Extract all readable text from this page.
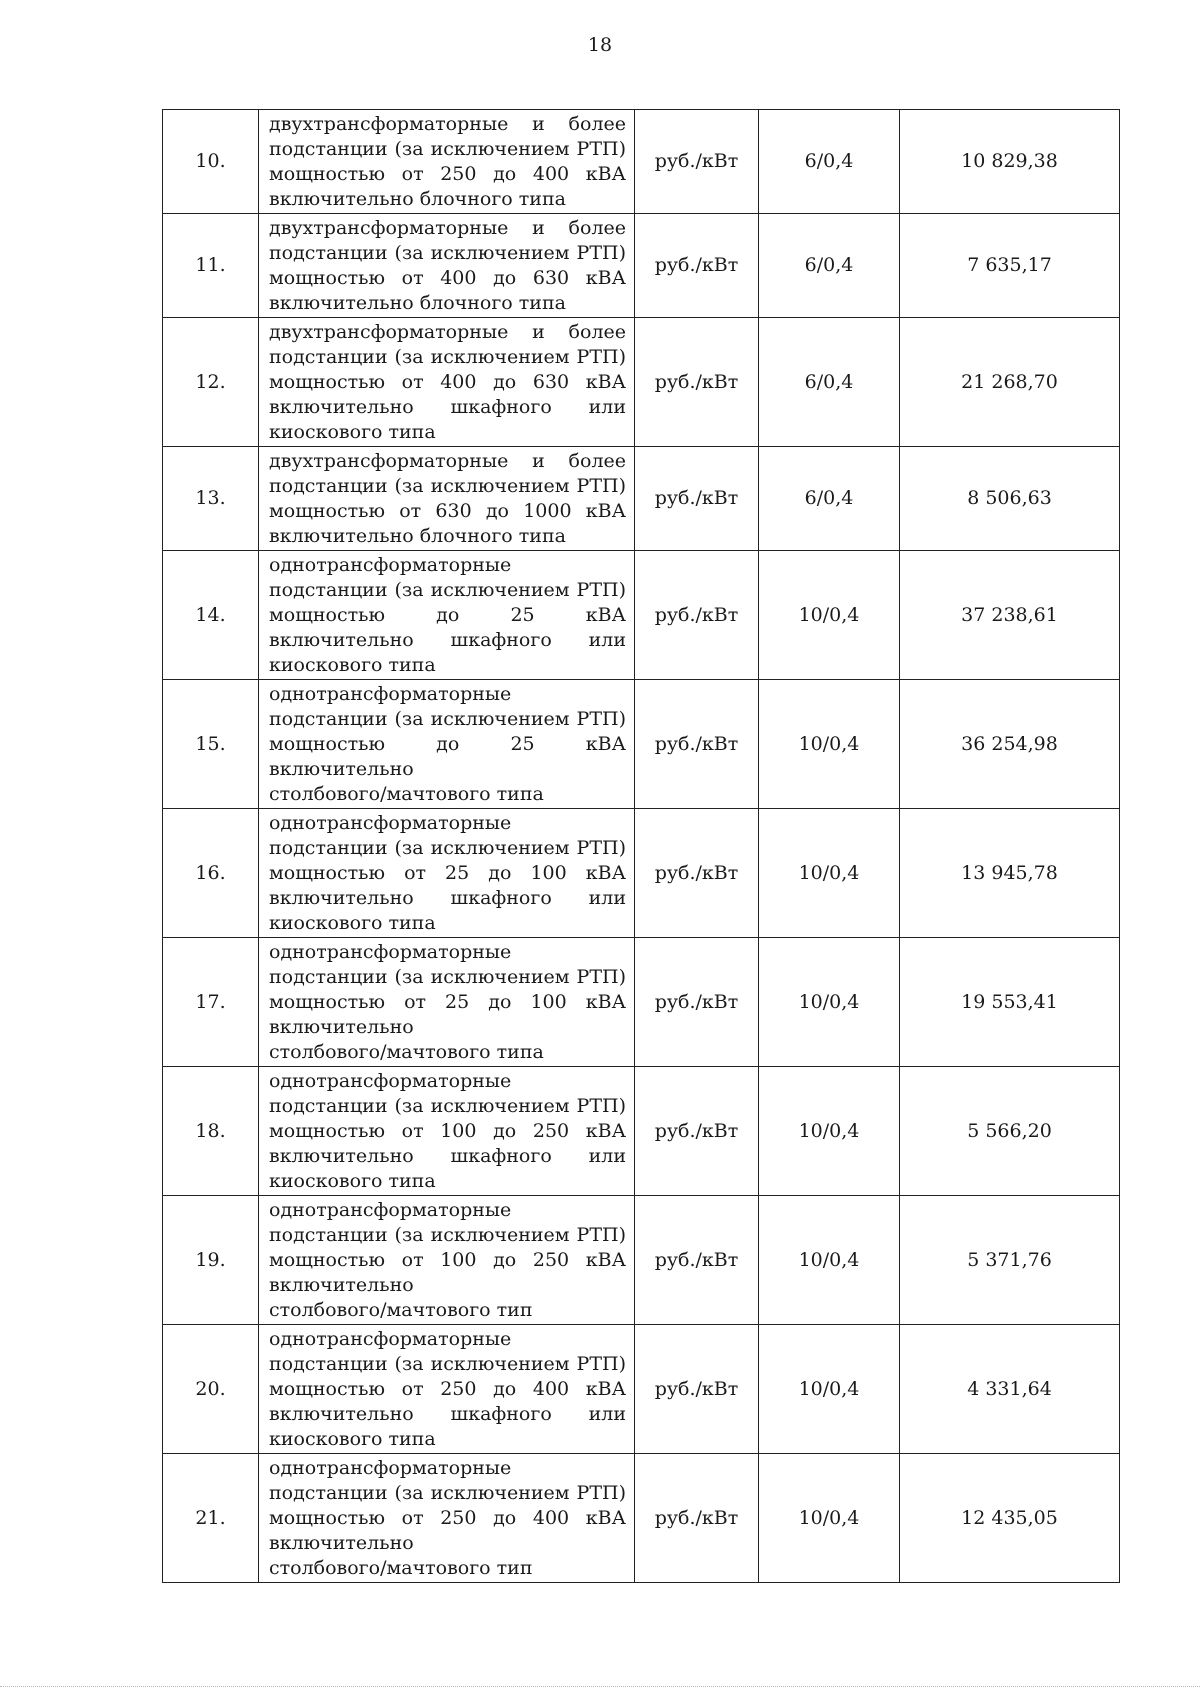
18
10.	двухтрансформаторные и более
подстанции (за исключением РТП)
мощностью от 250 до 400 кВА
включительно блочного типа	руб./кВт	6/0,4	10 829,38
11.	двухтрансформаторные и более
подстанции (за исключением РТП)
мощностью от 400 до 630 кВА
включительно блочного типа	руб./кВт	6/0,4	7 635,17
12.	двухтрансформаторные и более
подстанции (за исключением РТП)
мощностью от 400 до 630 кВА
включительно шкафного или
киоскового типа	руб./кВт	6/0,4	21 268,70
13.	двухтрансформаторные и более
подстанции (за исключением РТП)
мощностью от 630 до 1000 кВА
включительно блочного типа	руб./кВт	6/0,4	8 506,63
14.	однотрансформаторные
подстанции (за исключением РТП)
мощностью до 25 кВА
включительно шкафного или
киоскового типа	руб./кВт	10/0,4	37 238,61
15.	однотрансформаторные
подстанции (за исключением РТП)
мощностью до 25 кВА
включительно
столбового/мачтового типа	руб./кВт	10/0,4	36 254,98
16.	однотрансформаторные
подстанции (за исключением РТП)
мощностью от 25 до 100 кВА
включительно шкафного или
киоскового типа	руб./кВт	10/0,4	13 945,78
17.	однотрансформаторные
подстанции (за исключением РТП)
мощностью от 25 до 100 кВА
включительно
столбового/мачтового типа	руб./кВт	10/0,4	19 553,41
18.	однотрансформаторные
подстанции (за исключением РТП)
мощностью от 100 до 250 кВА
включительно шкафного или
киоскового типа	руб./кВт	10/0,4	5 566,20
19.	однотрансформаторные
подстанции (за исключением РТП)
мощностью от 100 до 250 кВА
включительно
столбового/мачтового тип	руб./кВт	10/0,4	5 371,76
20.	однотрансформаторные
подстанции (за исключением РТП)
мощностью от 250 до 400 кВА
включительно шкафного или
киоскового типа	руб./кВт	10/0,4	4 331,64
21.	однотрансформаторные
подстанции (за исключением РТП)
мощностью от 250 до 400 кВА
включительно
столбового/мачтового тип	руб./кВт	10/0,4	12 435,05
